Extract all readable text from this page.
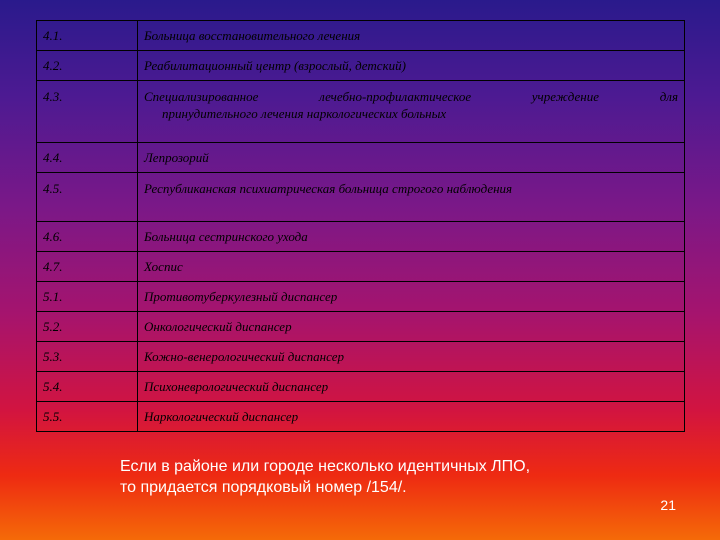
4.1.	Больница восстановительного лечения
4.2.	Реабилитационный центр (взрослый, детский)
4.3.	Специализированное лечебно-профилактическое учреждение для
принудительного лечения наркологических больных

4.4.	Лепрозорий
4.5.	Республиканская психиатрическая больница строгого наблюдения
4.6.	Больница сестринского ухода
4.7.	Хоспис
5.1.	Противотуберкулезный диспансер
5.2.	Онкологический диспансер
5.3.	Кожно-венерологический диспансер
5.4.	Психоневрологический диспансер
5.5.	Наркологический диспансер
Если в районе или городе несколько идентичных ЛПО,
то придается порядковый номер /154/.
21
